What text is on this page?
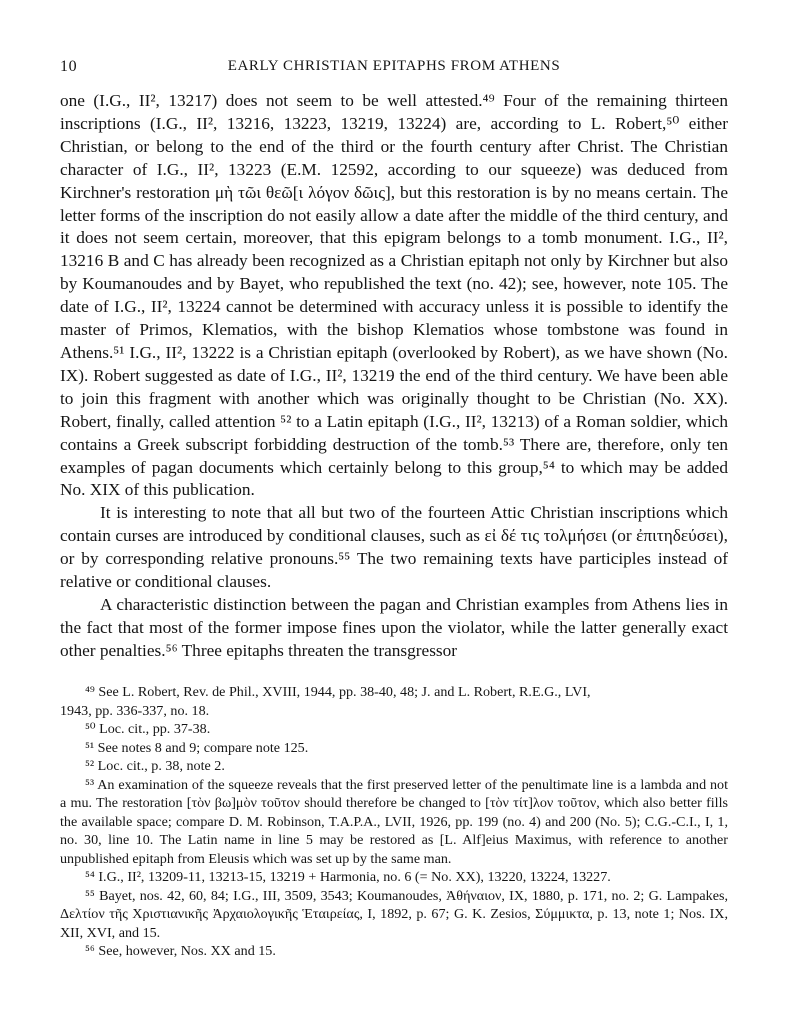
10	EARLY CHRISTIAN EPITAPHS FROM ATHENS

one (I.G., II², 13217) does not seem to be well attested.⁴⁹ Four of the remaining thirteen inscriptions (I.G., II², 13216, 13223, 13219, 13224) are, according to L. Robert,⁵⁰ either Christian, or belong to the end of the third or the fourth century after Christ. The Christian character of I.G., II², 13223 (E.M. 12592, according to our squeeze) was deduced from Kirchner's restoration μὴ τῶι θεῶ[ι λόγον δῶις], but this restoration is by no means certain. The letter forms of the inscription do not easily allow a date after the middle of the third century, and it does not seem certain, moreover, that this epigram belongs to a tomb monument. I.G., II², 13216 B and C has already been recognized as a Christian epitaph not only by Kirchner but also by Koumanoudes and by Bayet, who republished the text (no. 42); see, however, note 105. The date of I.G., II², 13224 cannot be determined with accuracy unless it is possible to identify the master of Primos, Klematios, with the bishop Klematios whose tombstone was found in Athens.⁵¹ I.G., II², 13222 is a Christian epitaph (overlooked by Robert), as we have shown (No. IX). Robert suggested as date of I.G., II², 13219 the end of the third century. We have been able to join this fragment with another which was originally thought to be Christian (No. XX). Robert, finally, called attention ⁵² to a Latin epitaph (I.G., II², 13213) of a Roman soldier, which contains a Greek subscript forbidding destruction of the tomb.⁵³ There are, therefore, only ten examples of pagan documents which certainly belong to this group,⁵⁴ to which may be added No. XIX of this publication.

It is interesting to note that all but two of the fourteen Attic Christian inscriptions which contain curses are introduced by conditional clauses, such as εἰ δέ τις τολμήσει (or ἐπιτηδεύσει), or by corresponding relative pronouns.⁵⁵ The two remaining texts have participles instead of relative or conditional clauses.

A characteristic distinction between the pagan and Christian examples from Athens lies in the fact that most of the former impose fines upon the violator, while the latter generally exact other penalties.⁵⁶ Three epitaphs threaten the transgressor

⁴⁹ See L. Robert, Rev. de Phil., XVIII, 1944, pp. 38-40, 48; J. and L. Robert, R.E.G., LVI,

1943, pp. 336-337, no. 18.

⁵⁰ Loc. cit., pp. 37-38.

⁵¹ See notes 8 and 9; compare note 125.

⁵² Loc. cit., p. 38, note 2.

⁵³ An examination of the squeeze reveals that the first preserved letter of the penultimate line is a lambda and not a mu. The restoration [τὸν βω]μὸν τοῦτον should therefore be changed to [τὸν τίτ]λον τοῦτον, which also better fills the available space; compare D. M. Robinson, T.A.P.A., LVII, 1926, pp. 199 (no. 4) and 200 (No. 5); C.G.-C.I., I, 1, no. 30, line 10. The Latin name in line 5 may be restored as [L. Alf]eius Maximus, with reference to another unpublished epitaph from Eleusis which was set up by the same man.

⁵⁴ I.G., II², 13209-11, 13213-15, 13219 + Harmonia, no. 6 (= No. XX), 13220, 13224, 13227.

⁵⁵ Bayet, nos. 42, 60, 84; I.G., III, 3509, 3543; Koumanoudes, Ἀθήναιον, IX, 1880, p. 171, no. 2; G. Lampakes, Δελτίον τῆς Χριστιανικῆς Ἀρχαιολογικῆς Ἑταιρείας, I, 1892, p. 67; G. K. Zesios, Σύμμικτα, p. 13, note 1; Nos. IX, XII, XVI, and 15.

⁵⁶ See, however, Nos. XX and 15.
